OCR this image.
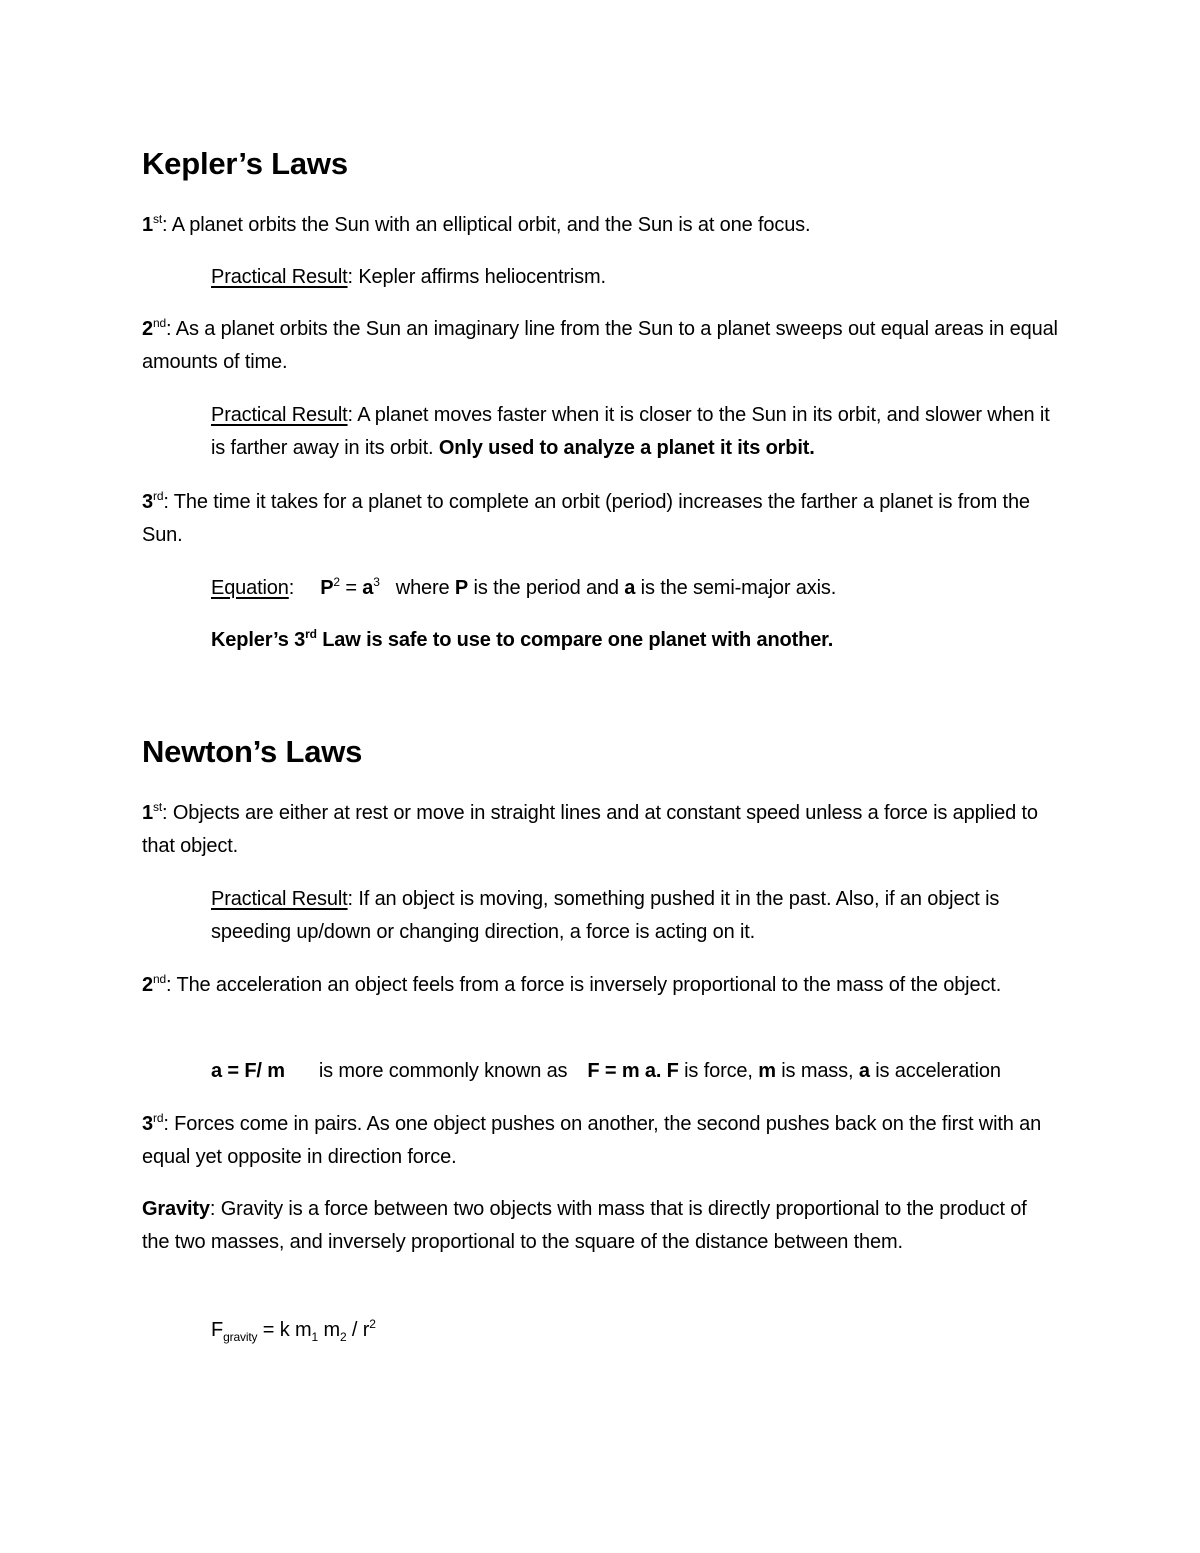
Kepler’s Laws

1st: A planet orbits the Sun with an elliptical orbit, and the Sun is at one focus.

Practical Result: Kepler affirms heliocentrism.

2nd: As a planet orbits the Sun an imaginary line from the Sun to a planet sweeps out equal areas in equal amounts of time.

Practical Result: A planet moves faster when it is closer to the Sun in its orbit, and slower when it is farther away in its orbit. Only used to analyze a planet it its orbit.

3rd: The time it takes for a planet to complete an orbit (period) increases the farther a planet is from the Sun.

Equation: $P^2 = a^3$ where P is the period and a is the semi-major axis.

Kepler’s 3rd Law is safe to use to compare one planet with another.

Newton’s Laws

1st: Objects are either at rest or move in straight lines and at constant speed unless a force is applied to that object.

Practical Result: If an object is moving, something pushed it in the past. Also, if an object is speeding up/down or changing direction, a force is acting on it.

2nd: The acceleration an object feels from a force is inversely proportional to the mass of the object.

a = F/ m is more commonly known as F = m a. F is force, m is mass, a is acceleration

3rd: Forces come in pairs. As one object pushes on another, the second pushes back on the first with an equal yet opposite in direction force.

Gravity: Gravity is a force between two objects with mass that is directly proportional to the product of the two masses, and inversely proportional to the square of the distance between them.

$F_{gravity} = k$ $m_1$ $m_2 / r^2$
